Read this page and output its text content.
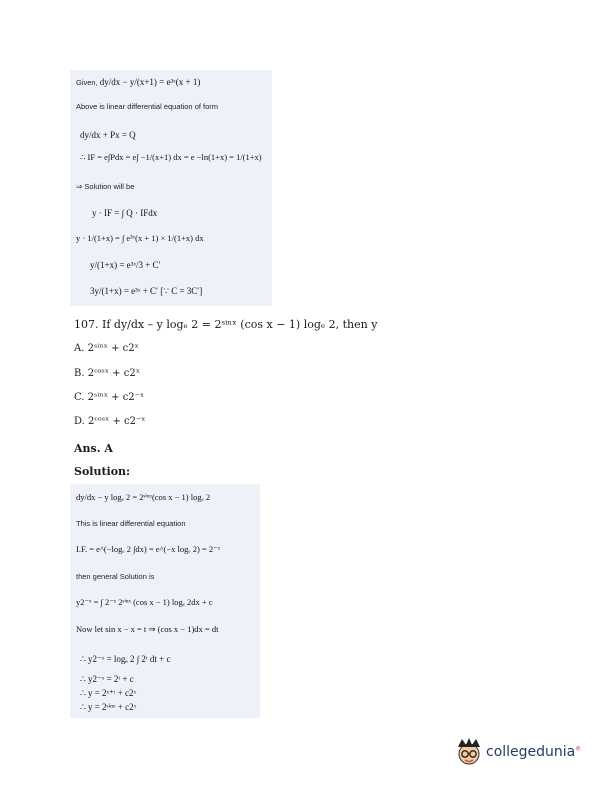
Given, dy/dx − y/(x+1) = e³ˣ(x + 1)
Above is linear differential equation of form
dy/dx + Px = Q
∴ IF = e∫Pdx = e∫ −1/(x+1) dx = e −ln(1+x) = 1/(1+x)
⇒ Solution will be
y · IF = ∫ Q · IFdx
y · 1/(1+x) = ∫ e³ˣ(x + 1) × 1/(1+x) dx
y/(1+x) = e³ˣ/3 + C′
3y/(1+x) = e³ˣ + C′ [∵ C = 3C′]
107. If dy/dx – y logₑ 2 = 2ˢⁱⁿˣ (cos x − 1) logₑ 2, then y
A. 2ˢⁱⁿˣ + c2ˣ
B. 2ᶜᵒˢˣ + c2ˣ
C. 2ˢⁱⁿˣ + c2⁻ˣ
D. 2ᶜᵒˢˣ + c2⁻ˣ
Ans. A
Solution:
dy/dx − y logₑ 2 = 2ˢⁱⁿˣ(cos x − 1) logₑ 2
This is linear differential equation
I.F. = e^(−logₑ 2 ∫dx) = e^(−x logₑ 2) = 2⁻ˣ
then general Solution is
y2⁻ˣ = ∫ 2⁻ˣ 2ˢⁱⁿˣ (cos x − 1) logₑ 2dx + c
Now let sin x − x = t ⇒ (cos x − 1)dx = dt
∴ y2⁻ˣ = logₑ 2 ∫ 2ᵗ dt + c
∴ y2⁻ˣ = 2ᵗ + c
∴ y = 2ˣ⁺ᶦ + c2ˣ
∴ y = 2ˢⁱⁿˣ + c2ˣ
collegedunia®
